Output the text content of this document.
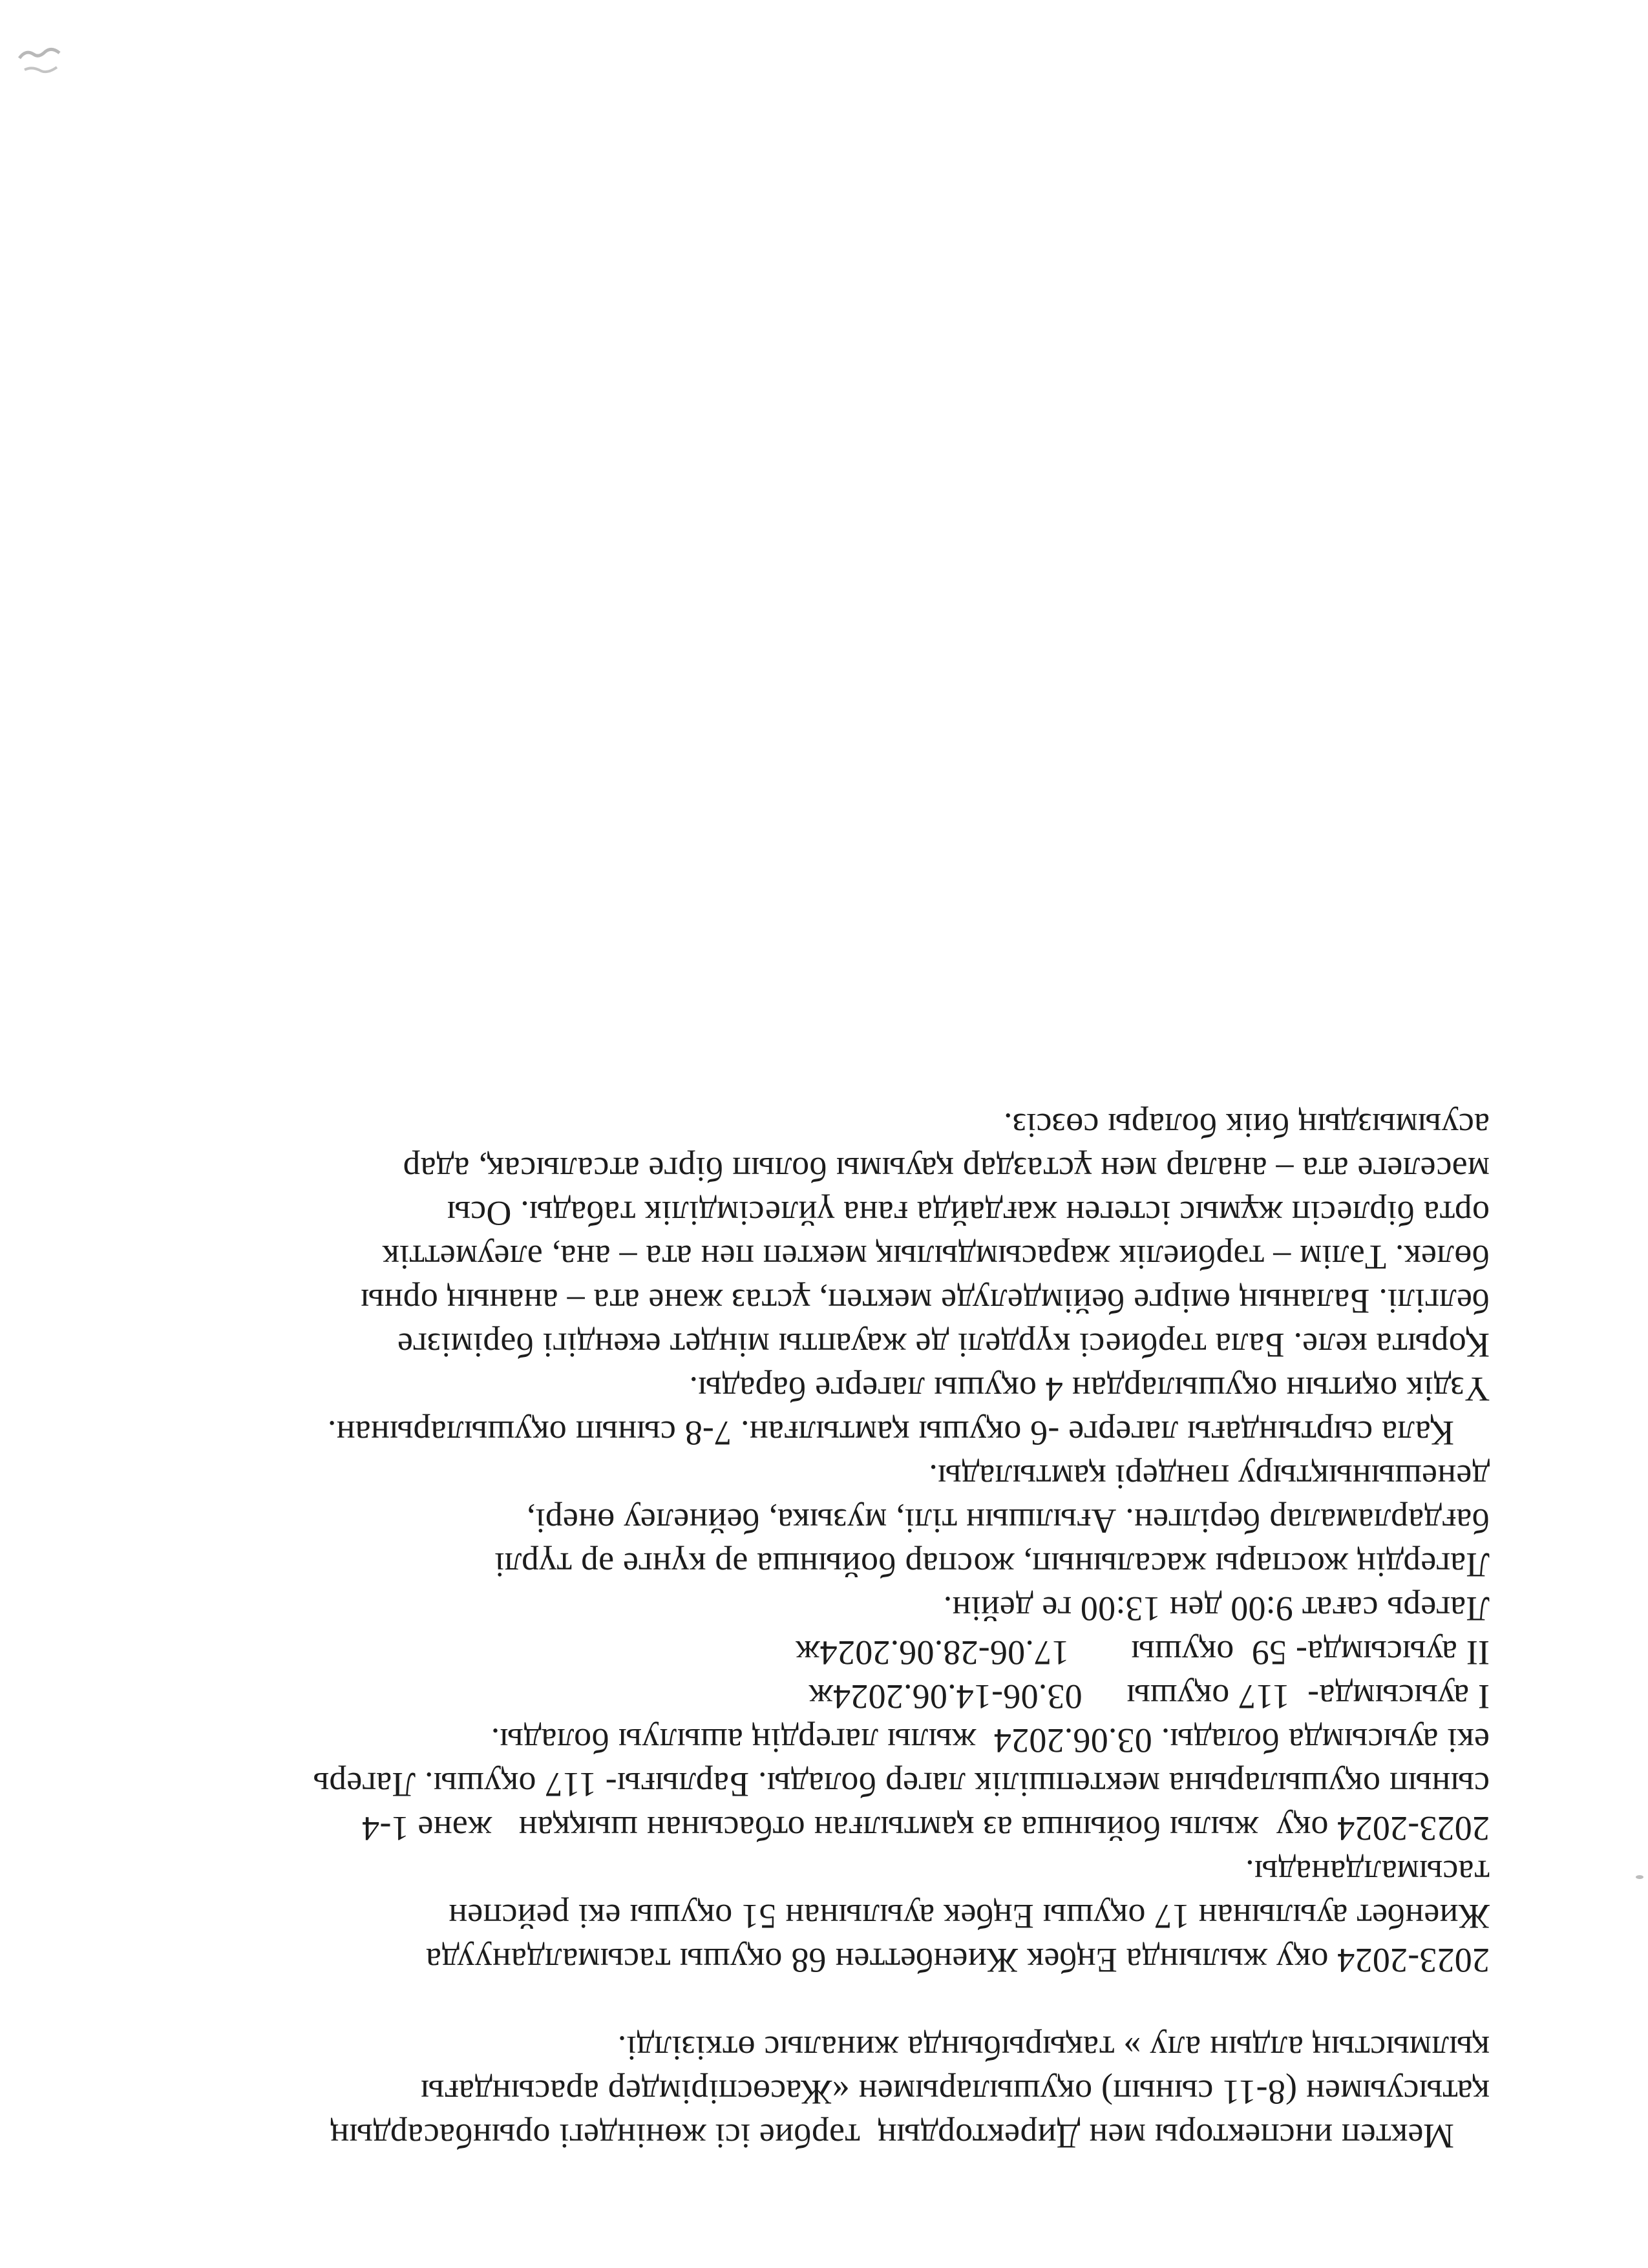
Мектеп инспекторы мен Директордың  тәрбие ісі жөніндегі орынбасардың
қатысуымен (8-11 сынып) оқушыларымен «Жасөспірімдер арасындағы
қылмыстың алдын алу » тақырыбында жиналыс өткізілді.
2023-2024 оқу жылында Еңбек Жиенбеттен 68 оқушы тасымалданууда
Жиенбет ауылынан 17 оқушы Еңбек ауылынан 51 оқушы екі рейспен
тасымалданады.
2023-2024 оқу  жылы бойынша аз қамтылған отбасынан шыққан   және 1-4
сынып оқушыларына мектепшілік лагер болады. Барлығы- 117 оқушы. Лагерь
екі ауысымда болады. 03.06.2024  жылы лагердің ашылуы болады.
I ауысымда-  117 оқушы     03.06-14.06.2024ж
II ауысымда- 59  оқушы       17.06-28.06.2024ж
Лагерь сағат 9:00 ден 13:00 ге дейін.
Лагердің жоспары жасалынып, жоспар бойынша әр күнге әр түрлі
бағдарламалар берілген. Ағылшын тілі, музыка, бейнелеу өнері,
денешынықтыру пәндері қамтылады.
Қала сыртындағы лагерге -6 оқушы қамтылған. 7-8 сынып оқушыларынан.
Үздік оқитын оқушылардан 4 оқушы лагерге барады.
Қорыта келе. Бала тәрбиесі күрделі де жауапты міндет екендігі бәрімізге
белгілі. Баланың өмірге бейімделуде мектеп, ұстаз және ата – ананың орны
бөлек. Тәлім – тәрбиелік жарасымдылық мектеп пен ата – ана, әлеуметтік
орта бірлесіп жұмыс істеген жағдайда ғана үйлесімділік табады. Осы
мәселеге ата – аналар мен ұстаздар қауымы болып бірге атсалысақ, адар
асуымыздың биік болары сөзсіз.
